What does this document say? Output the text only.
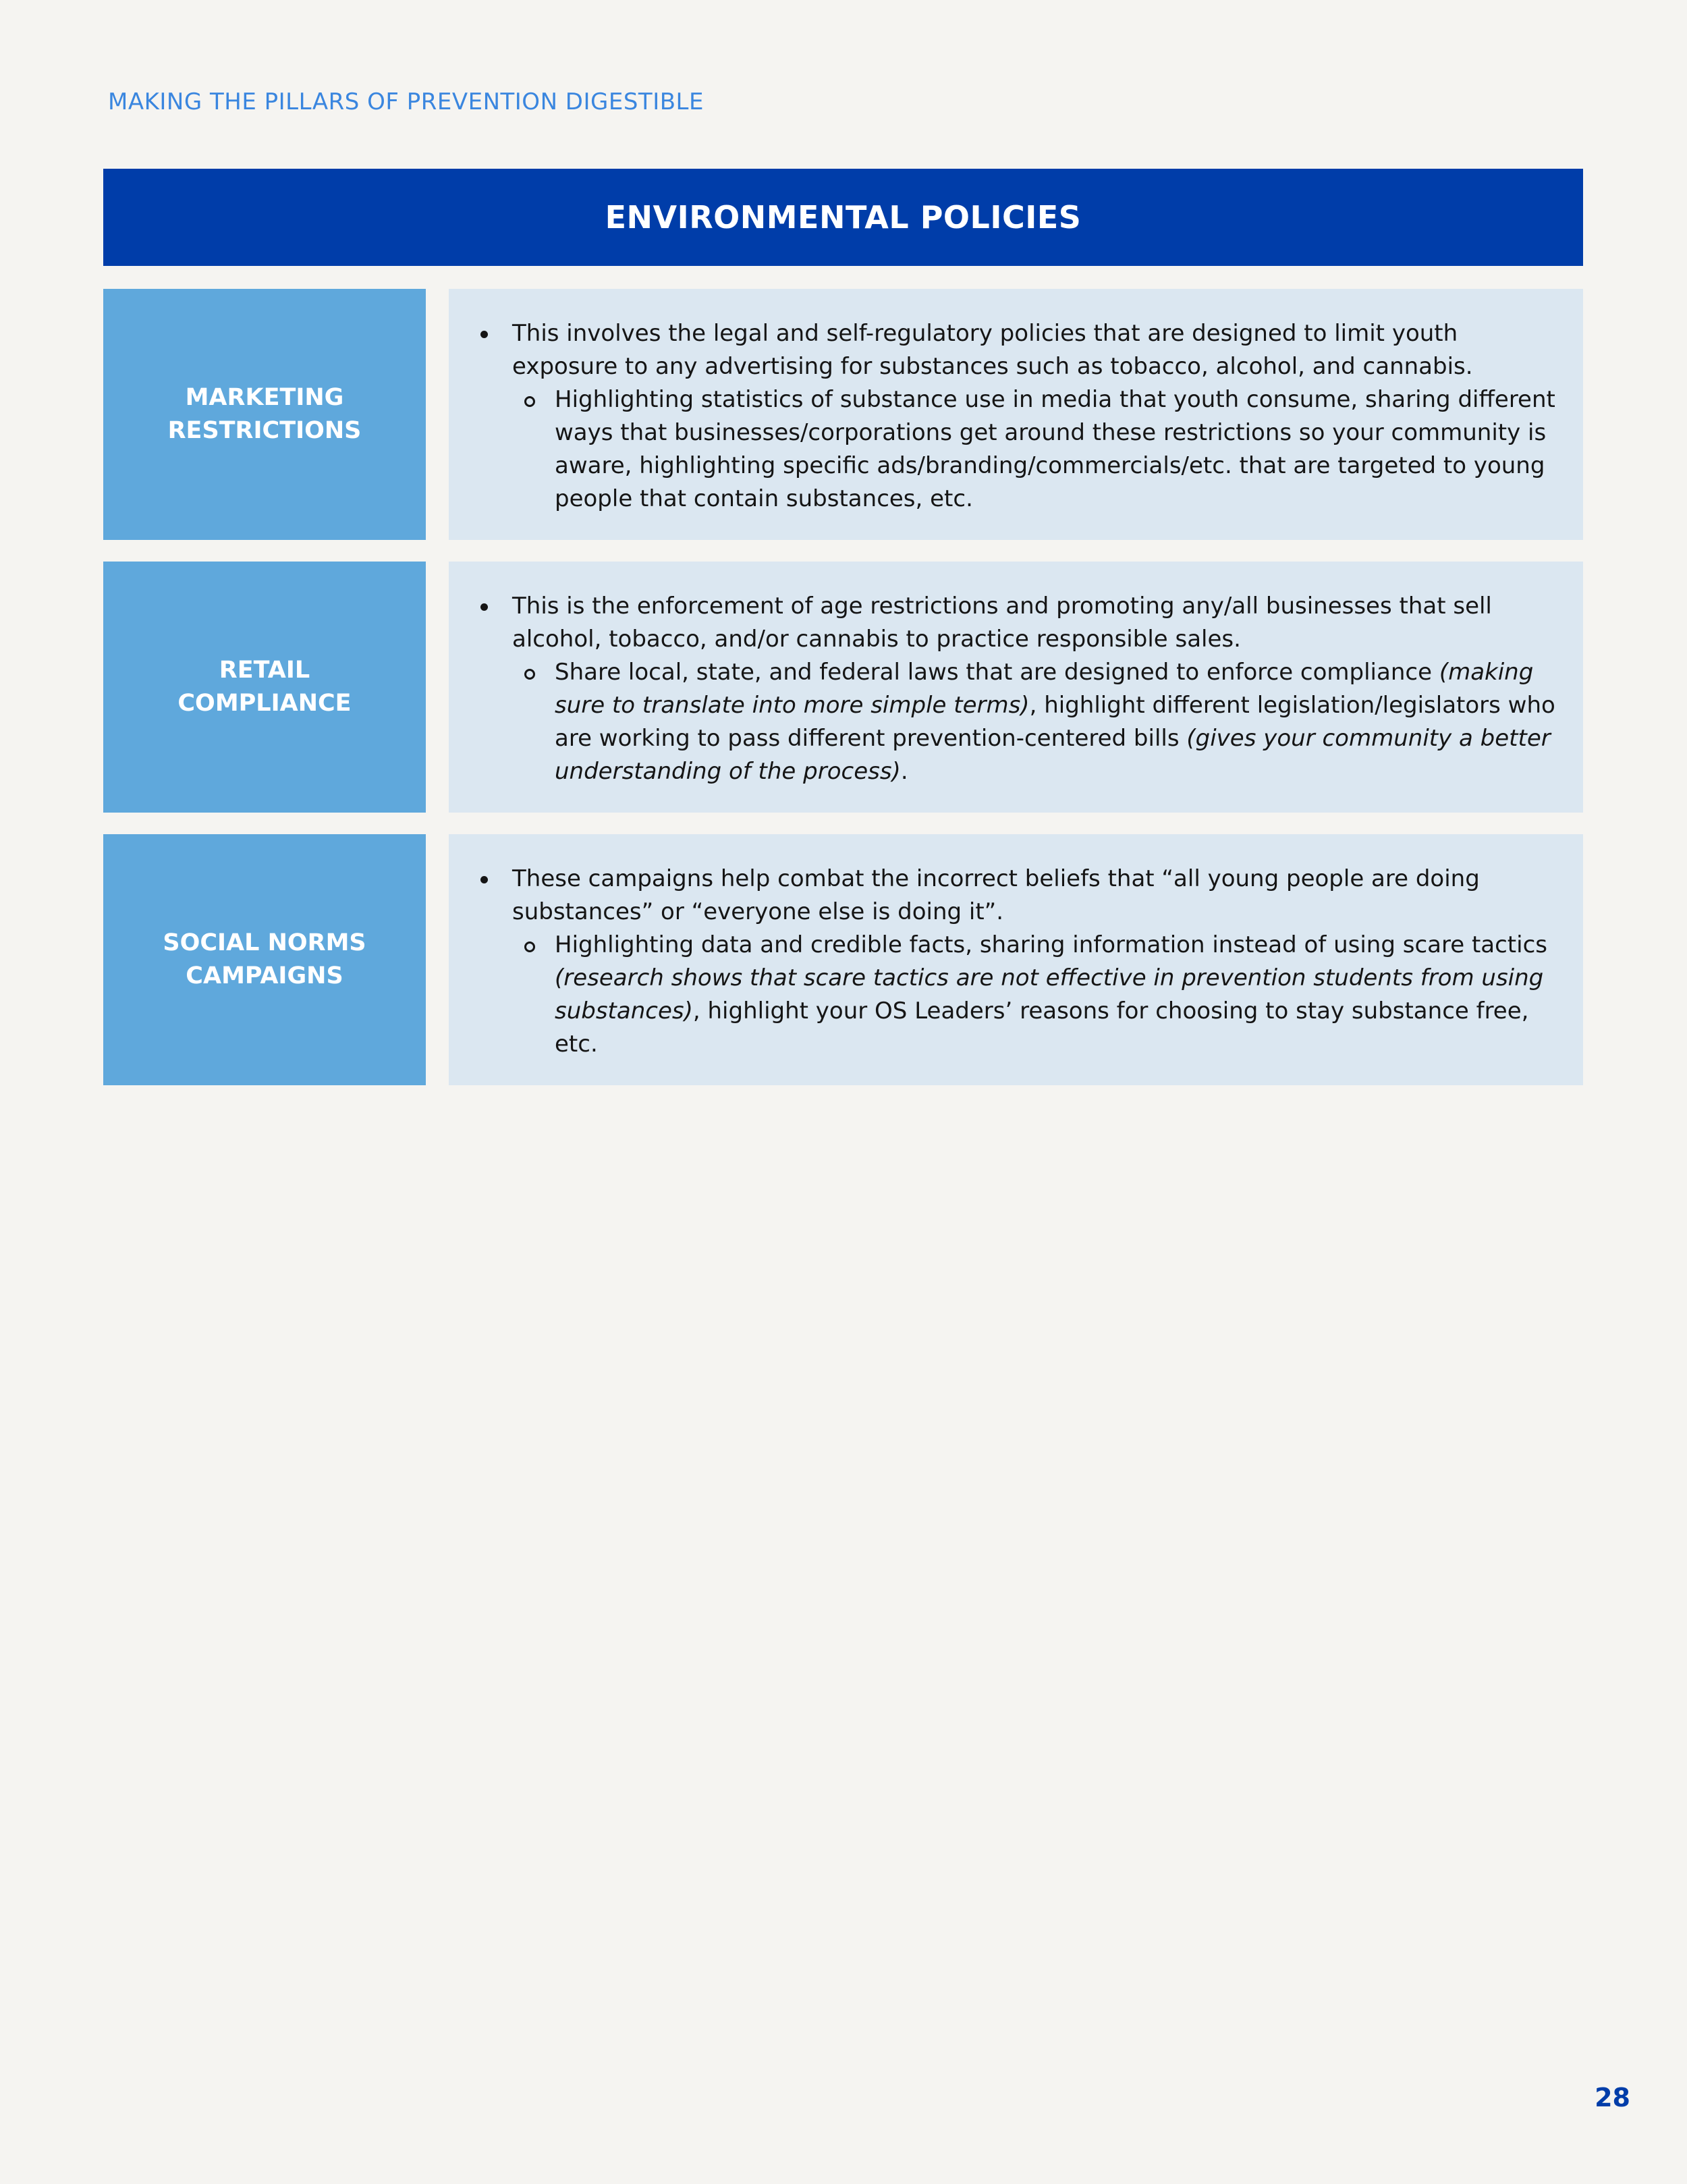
MAKING THE PILLARS OF PREVENTION DIGESTIBLE
ENVIRONMENTAL POLICIES
MARKETING RESTRICTIONS
This involves the legal and self-regulatory policies that are designed to limit youth exposure to any advertising for substances such as tobacco, alcohol, and cannabis.
Highlighting statistics of substance use in media that youth consume, sharing different ways that businesses/corporations get around these restrictions so your community is aware, highlighting specific ads/branding/commercials/etc. that are targeted to young people that contain substances, etc.
RETAIL COMPLIANCE
This is the enforcement of age restrictions and promoting any/all businesses that sell alcohol, tobacco, and/or cannabis to practice responsible sales.
Share local, state, and federal laws that are designed to enforce compliance (making sure to translate into more simple terms), highlight different legislation/legislators who are working to pass different prevention-centered bills (gives your community a better understanding of the process).
SOCIAL NORMS CAMPAIGNS
These campaigns help combat the incorrect beliefs that “all young people are doing substances” or “everyone else is doing it”.
Highlighting data and credible facts, sharing information instead of using scare tactics (research shows that scare tactics are not effective in prevention students from using substances), highlight your OS Leaders’ reasons for choosing to stay substance free, etc.
28
